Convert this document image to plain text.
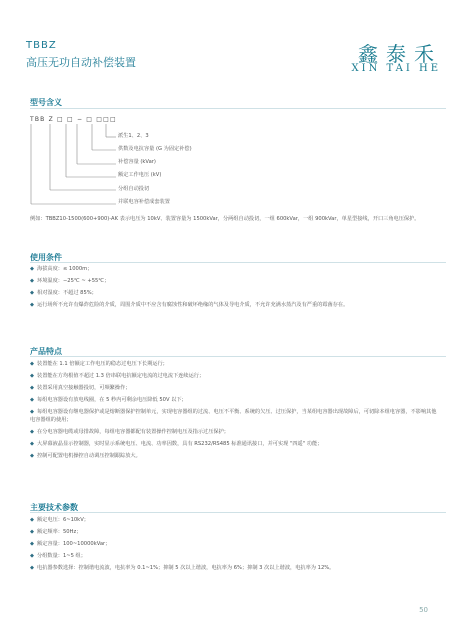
TBBZ
高压无功自动补偿装置	鑫泰禾
XIN TAI HE
型号含义
TBB Z □ □ − □ □□□
派生1、2、3
供数及电抗容量 (G 为固定补偿)
补偿容量 (kVar)
额定工作电压 (kV)
分组自动投切
并联电容补偿成套装置
例如：TBBZ10-1500(600+900)-AK 表示电压为 10kV、装置容量为 1500kVar，分两组自动投切，一组 600kVar，一组 900kVar，单星型接线，开口三角电压保护。
使用条件
◆ 海拔高度：≤ 1000m；
◆ 环境温度：−25℃ ~ +55℃；
◆ 相对湿度：不超过 85%；
◆ 运行场所不允许有爆炸危险的介质，周围介质中不应含有腐蚀性和破坏绝缘的气体及导电介质，不允许充满水蒸汽及有严重的霉菌存在。
产品特点
◆ 装置能在 1.1 倍额定工作电压的稳态过电压下长期运行；
◆ 装置能在方均根值不超过 1.3 倍串联电抗额定电流的过电流下连续运行；
◆ 装置采用真空接触器投切，可频繁操作；
◆ 每组电容器设有放电线圈，在 5 秒内可剩余电压降低 50V 以下；
◆ 每组电容器设有继电器保护或是熔断器保护控制单元，实现电容器组的过流、电压不平衡、系统的欠压、过压保护，当某组电容器出现故障后，可切除本组电容器，不影响其他电容器组的使用；
◆ 在分电容器电缆或母排故障，每组电容器都配有装置操作控制电压及指示过压保护；
◆ 大屏幕液晶显示控制器，实时显示系统电压、电流、功率因数，具有 RS232/RS485 标准通讯接口，并可实现 "四遥" 功能；
◆ 控制可配置电机操控自动调压控制跟踪放大。
主要技术参数
◆ 额定电压：6~10kV；
◆ 额定频率：50Hz；
◆ 额定容量：100~10000kVar；
◆ 分组数量：1~5 组；
◆ 电抗器参数选择：控制谐电流波，电抗率为 0.1~1%；抑制 5 次以上谐波，电抗率为 6%；抑制 3 次以上谐波，电抗率为 12%。
50
